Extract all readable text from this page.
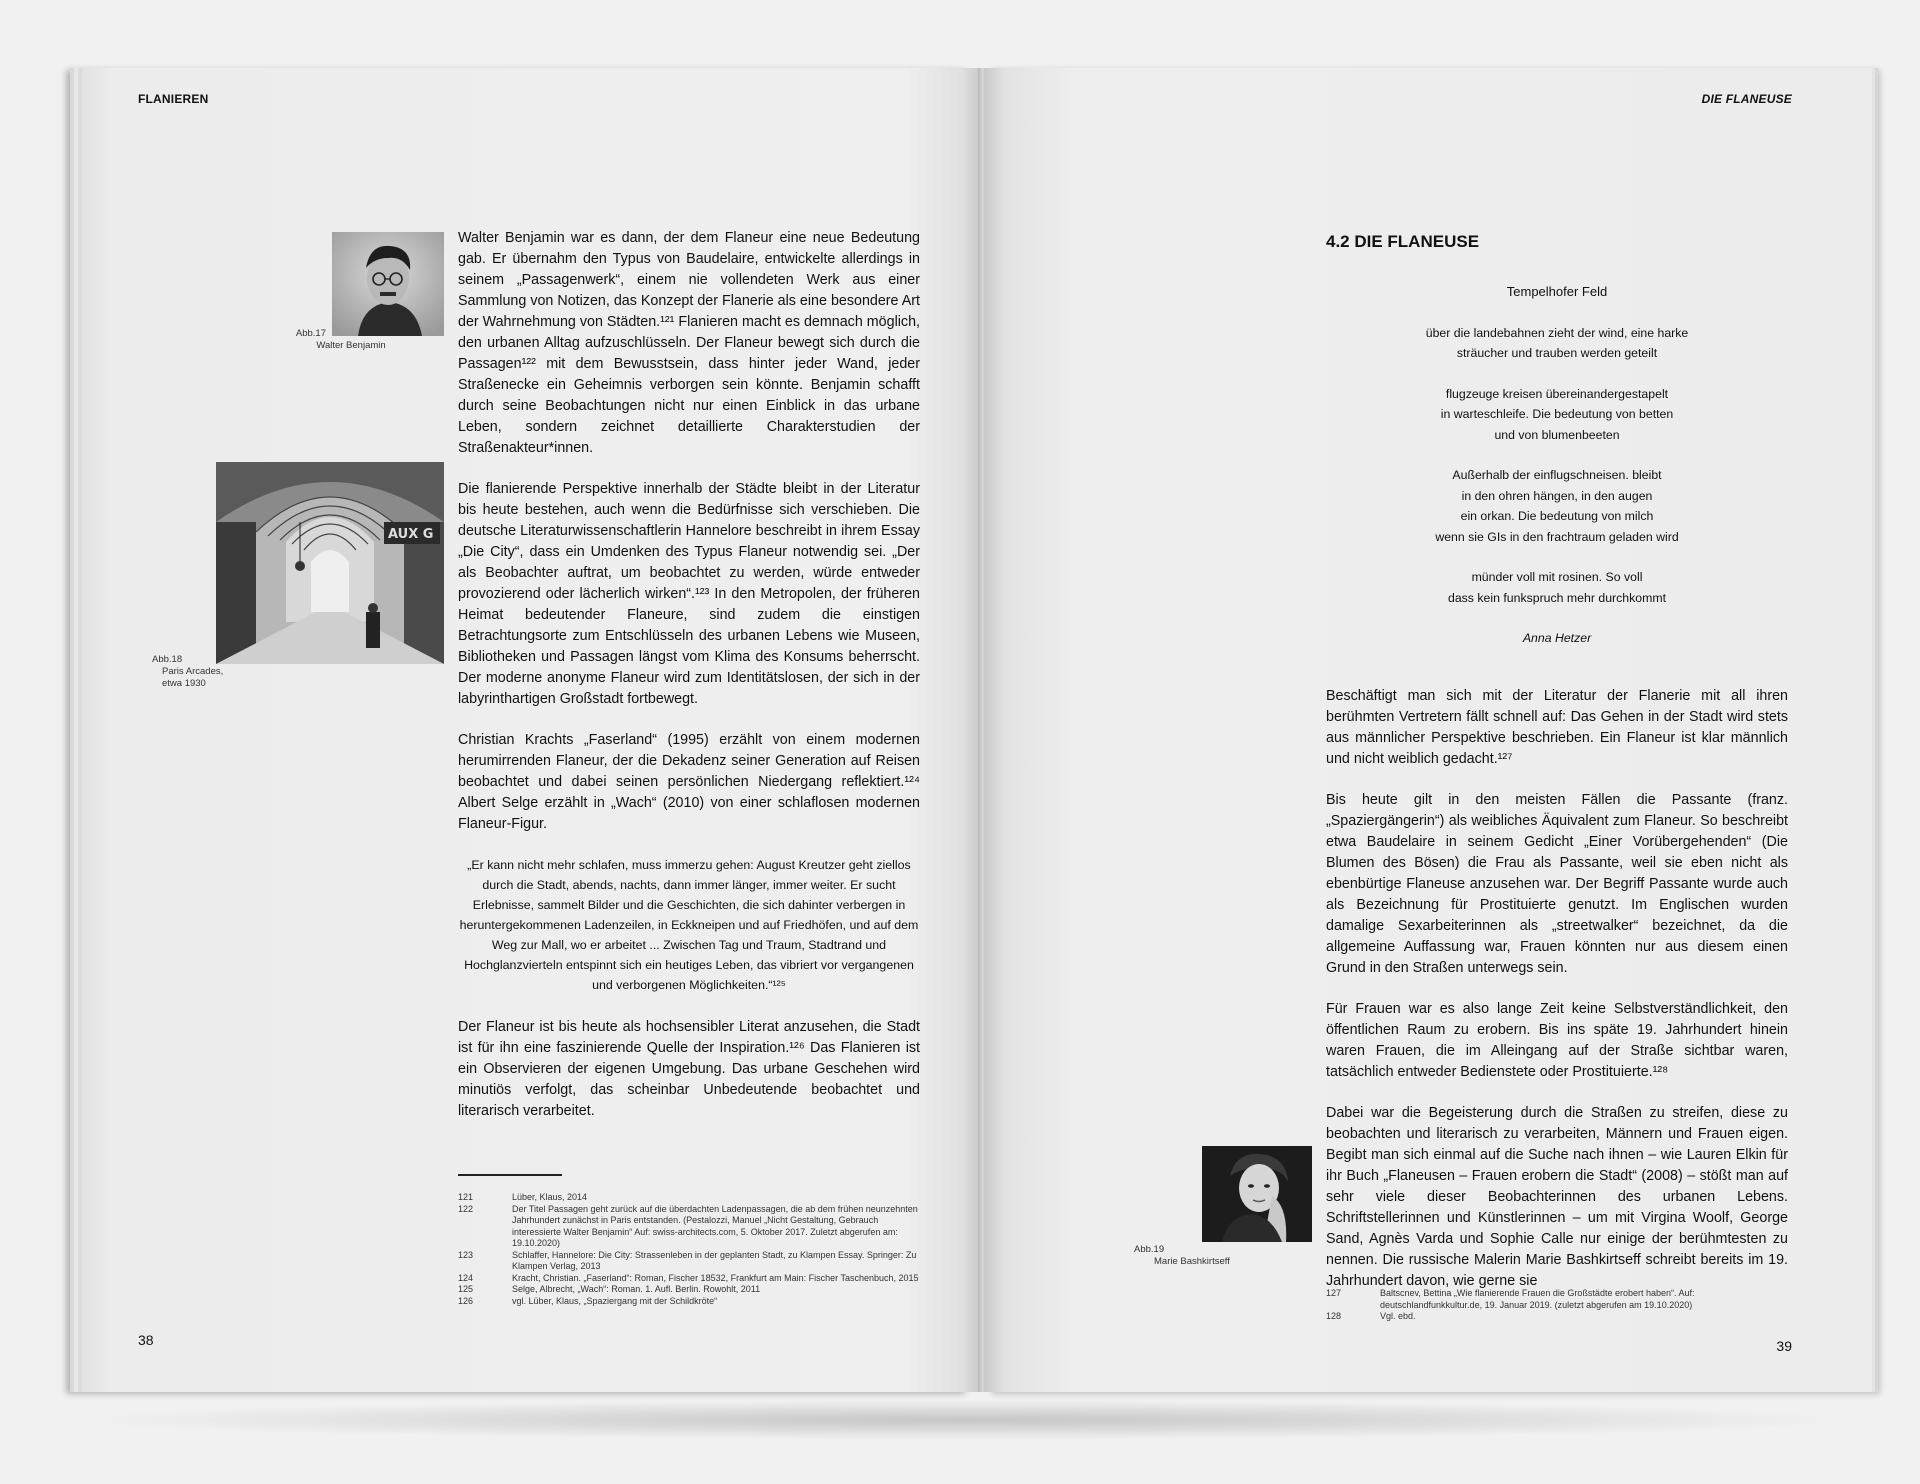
FLANIEREN
Abb.17
Walter Benjamin
AUX G
Abb.18
Paris Arcades,
etwa 1930

Walter Benjamin war es dann, der dem Flaneur eine neue Bedeutung gab. Er übernahm den Typus von Baudelaire, entwickelte allerdings in seinem „Passagenwerk“, einem nie vollendeten Werk aus einer Sammlung von Notizen, das Konzept der Flanerie als eine besondere Art der Wahrnehmung von Städten.¹²¹ Flanieren macht es demnach möglich, den urbanen Alltag aufzuschlüsseln. Der Flaneur bewegt sich durch die Passagen¹²² mit dem Bewusstsein, dass hinter jeder Wand, jeder Straßenecke ein Geheimnis verborgen sein könnte. Benjamin schafft durch seine Beobachtungen nicht nur einen Einblick in das urbane Leben, sondern zeichnet detaillierte Charakterstudien der Straßenakteur*innen.

Die flanierende Perspektive innerhalb der Städte bleibt in der Literatur bis heute bestehen, auch wenn die Bedürfnisse sich verschieben. Die deutsche Literaturwissenschaftlerin Hannelore beschreibt in ihrem Essay „Die City“, dass ein Umdenken des Typus Flaneur notwendig sei. „Der als Beobachter auftrat, um beobachtet zu werden, würde entweder provozierend oder lächerlich wirken“.¹²³ In den Metropolen, der früheren Heimat bedeutender Flaneure, sind zudem die einstigen Betrachtungsorte zum Entschlüsseln des urbanen Lebens wie Museen, Bibliotheken und Passagen längst vom Klima des Konsums beherrscht. Der moderne anonyme Flaneur wird zum Identitätslosen, der sich in der labyrinthartigen Großstadt fortbewegt.

Christian Krachts „Faserland“ (1995) erzählt von einem modernen herumirrenden Flaneur, der die Dekadenz seiner Generation auf Reisen beobachtet und dabei seinen persönlichen Niedergang reflektiert.¹²⁴ Albert Selge erzählt in „Wach“ (2010) von einer schlaflosen modernen Flaneur-Figur.

„Er kann nicht mehr schlafen, muss immerzu gehen: August Kreutzer geht ziellos durch die Stadt, abends, nachts, dann immer länger, immer weiter. Er sucht Erlebnisse, sammelt Bilder und die Geschichten, die sich dahinter verbergen in heruntergekommenen Ladenzeilen, in Eckkneipen und auf Friedhöfen, und auf dem Weg zur Mall, wo er arbeitet ... Zwischen Tag und Traum, Stadtrand und Hochglanzvierteln entspinnt sich ein heutiges Leben, das vibriert vor vergangenen und verborgenen Möglichkeiten.“¹²⁵

Der Flaneur ist bis heute als hochsensibler Literat anzusehen, die Stadt ist für ihn eine faszinierende Quelle der Inspiration.¹²⁶ Das Flanieren ist ein Observieren der eigenen Umgebung. Das urbane Geschehen wird minutiös verfolgt, das scheinbar Unbedeutende beobachtet und literarisch verarbeitet.

121	Lüber, Klaus, 2014
122	Der Titel Passagen geht zurück auf die überdachten Ladenpassagen, die ab dem frühen neunzehnten Jahrhundert zunächst in Paris entstanden. (Pestalozzi, Manuel „Nicht Gestaltung, Gebrauch interessierte Walter Benjamin“ Auf: swiss-architects.com, 5. Oktober 2017. Zuletzt abgerufen am: 19.10.2020)
123	Schlaffer, Hannelore: Die City: Strassenleben in der geplanten Stadt, zu Klampen Essay. Springer: Zu Klampen Verlag, 2013
124	Kracht, Christian. „Faserland“: Roman, Fischer 18532, Frankfurt am Main: Fischer Taschenbuch, 2015
125	Selge, Albrecht, „Wach“: Roman. 1. Aufl. Berlin. Rowohlt, 2011
126	vgl. Lüber, Klaus, „Spaziergang mit der Schildkröte“
38
DIE FLANEUSE
4.2 DIE FLANEUSE
Tempelhofer Feld
über die landebahnen zieht der wind, eine harke
sträucher und trauben werden geteilt
flugzeuge kreisen übereinandergestapelt
in warteschleife. Die bedeutung von betten
und von blumenbeeten
Außerhalb der einflugschneisen. bleibt
in den ohren hängen, in den augen
ein orkan. Die bedeutung von milch
wenn sie GIs in den frachtraum geladen wird
münder voll mit rosinen. So voll
dass kein funkspruch mehr durchkommt
Anna Hetzer

Beschäftigt man sich mit der Literatur der Flanerie mit all ihren berühmten Vertretern fällt schnell auf: Das Gehen in der Stadt wird stets aus männlicher Perspektive beschrieben. Ein Flaneur ist klar männlich und nicht weiblich gedacht.¹²⁷

Bis heute gilt in den meisten Fällen die Passante (franz. „Spaziergängerin“) als weibliches Äquivalent zum Flaneur. So beschreibt etwa Baudelaire in seinem Gedicht „Einer Vorübergehenden“ (Die Blumen des Bösen) die Frau als Passante, weil sie eben nicht als ebenbürtige Flaneuse anzusehen war. Der Begriff Passante wurde auch als Bezeichnung für Prostituierte genutzt. Im Englischen wurden damalige Sexarbeiterinnen als „streetwalker“ bezeichnet, da die allgemeine Auffassung war, Frauen könnten nur aus diesem einen Grund in den Straßen unterwegs sein.

Für Frauen war es also lange Zeit keine Selbstverständlichkeit, den öffentlichen Raum zu erobern. Bis ins späte 19. Jahrhundert hinein waren Frauen, die im Alleingang auf der Straße sichtbar waren, tatsächlich entweder Bedienstete oder Prostituierte.¹²⁸

Dabei war die Begeisterung durch die Straßen zu streifen, diese zu beobachten und literarisch zu verarbeiten, Männern und Frauen eigen. Begibt man sich einmal auf die Suche nach ihnen – wie Lauren Elkin für ihr Buch „Flaneusen – Frauen erobern die Stadt“ (2008) – stößt man auf sehr viele dieser Beobachterinnen des urbanen Lebens. Schriftstellerinnen und Künstlerinnen – um mit Virgina Woolf, George Sand, Agnès Varda und Sophie Calle nur einige der berühmtesten zu nennen. Die russische Malerin Marie Bashkirtseff schreibt bereits im 19. Jahrhundert davon, wie gerne sie

Abb.19
Marie Bashkirtseff
127	Baltscnev, Bettina „Wie flanierende Frauen die Großstädte erobert haben“. Auf: deutschlandfunkkultur.de, 19. Januar 2019. (zuletzt abgerufen am 19.10.2020)
128	Vgl. ebd.
39
